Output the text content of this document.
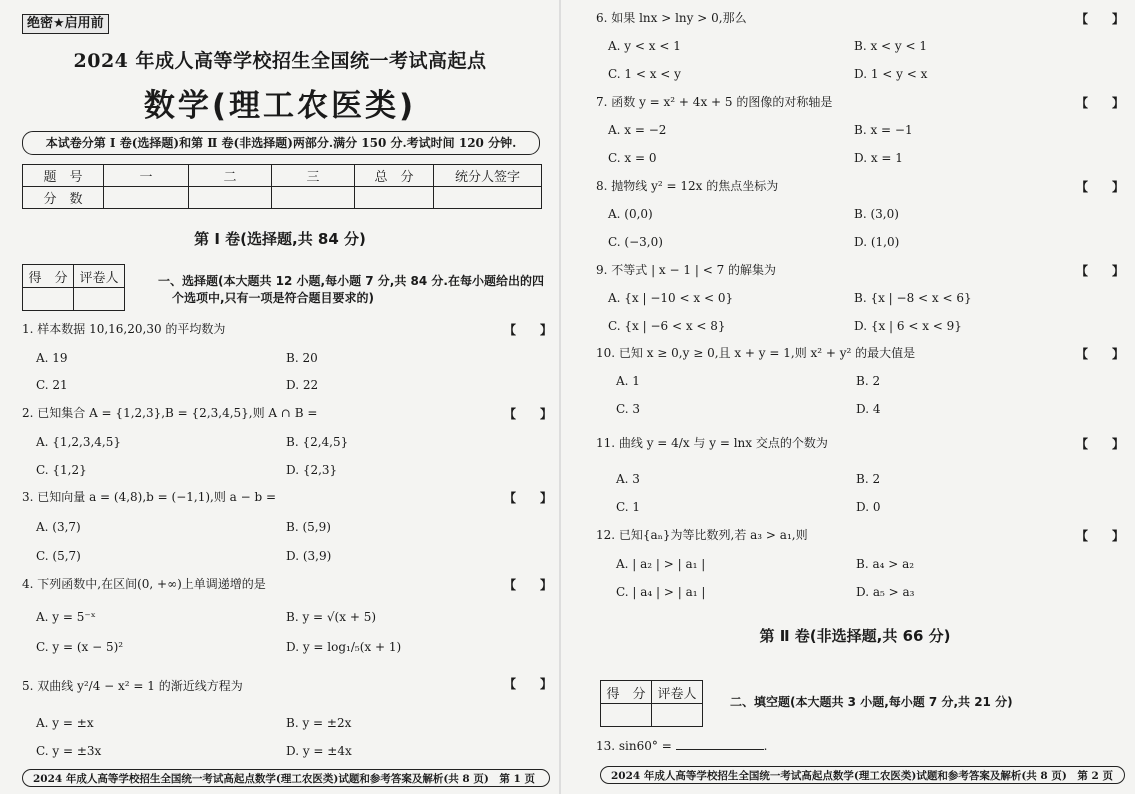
绝密★启用前
2024 年成人高等学校招生全国统一考试高起点
数学(理工农医类)
本试卷分第 Ⅰ 卷(选择题)和第 Ⅱ 卷(非选择题)两部分.满分 150 分.考试时间 120 分钟.
题　号	一	二	三	总　分	统分人签字
分　数					
第 Ⅰ 卷(选择题,共 84 分)
得　分	评卷人
		一、选择题(本大题共 12 小题,每小题 7 分,共 84 分.在每小题给出的四
个选项中,只有一项是符合题目要求的)
1. 样本数据 10,16,20,30 的平均数为	【　　】
A. 19	B. 20
C. 21	D. 22
2. 已知集合 A = {1,2,3},B = {2,3,4,5},则 A ∩ B =	【　　】
A. {1,2,3,4,5}	B. {2,4,5}
C. {1,2}	D. {2,3}
3. 已知向量 a = (4,8),b = (−1,1),则 a − b =	【　　】
A. (3,7)	B. (5,9)
C. (5,7)	D. (3,9)
4. 下列函数中,在区间(0, +∞)上单调递增的是	【　　】
A. y = 5⁻ˣ	B. y = √(x + 5)
C. y = (x − 5)²	D. y = log₁/₅(x + 1)
5. 双曲线 y²/4 − x² = 1 的渐近线方程为	【　　】
A. y = ±x	B. y = ±2x
C. y = ±3x	D. y = ±4x
2024 年成人高等学校招生全国统一考试高起点数学(理工农医类)试题和参考答案及解析(共 8 页)　第 1 页
6. 如果 lnx > lny > 0,那么	【　　】
A. y < x < 1	B. x < y < 1
C. 1 < x < y	D. 1 < y < x
7. 函数 y = x² + 4x + 5 的图像的对称轴是	【　　】
A. x = −2	B. x = −1
C. x = 0	D. x = 1
8. 抛物线 y² = 12x 的焦点坐标为	【　　】
A. (0,0)	B. (3,0)
C. (−3,0)	D. (1,0)
9. 不等式 | x − 1 | < 7 的解集为	【　　】
A. {x | −10 < x < 0}	B. {x | −8 < x < 6}
C. {x | −6 < x < 8}	D. {x | 6 < x < 9}
10. 已知 x ≥ 0,y ≥ 0,且 x + y = 1,则 x² + y² 的最大值是	【　　】
A. 1	B. 2
C. 3	D. 4
11. 曲线 y = 4/x 与 y = lnx 交点的个数为	【　　】
A. 3	B. 2
C. 1	D. 0
12. 已知{aₙ}为等比数列,若 a₃ > a₁,则	【　　】
A. | a₂ | > | a₁ |	B. a₄ > a₂
C. | a₄ | > | a₁ |	D. a₅ > a₃
第 Ⅱ 卷(非选择题,共 66 分)
得　分	评卷人

二、填空题(本大题共 3 小题,每小题 7 分,共 21 分)
13. sin60° =	.
2024 年成人高等学校招生全国统一考试高起点数学(理工农医类)试题和参考答案及解析(共 8 页)　第 2 页
